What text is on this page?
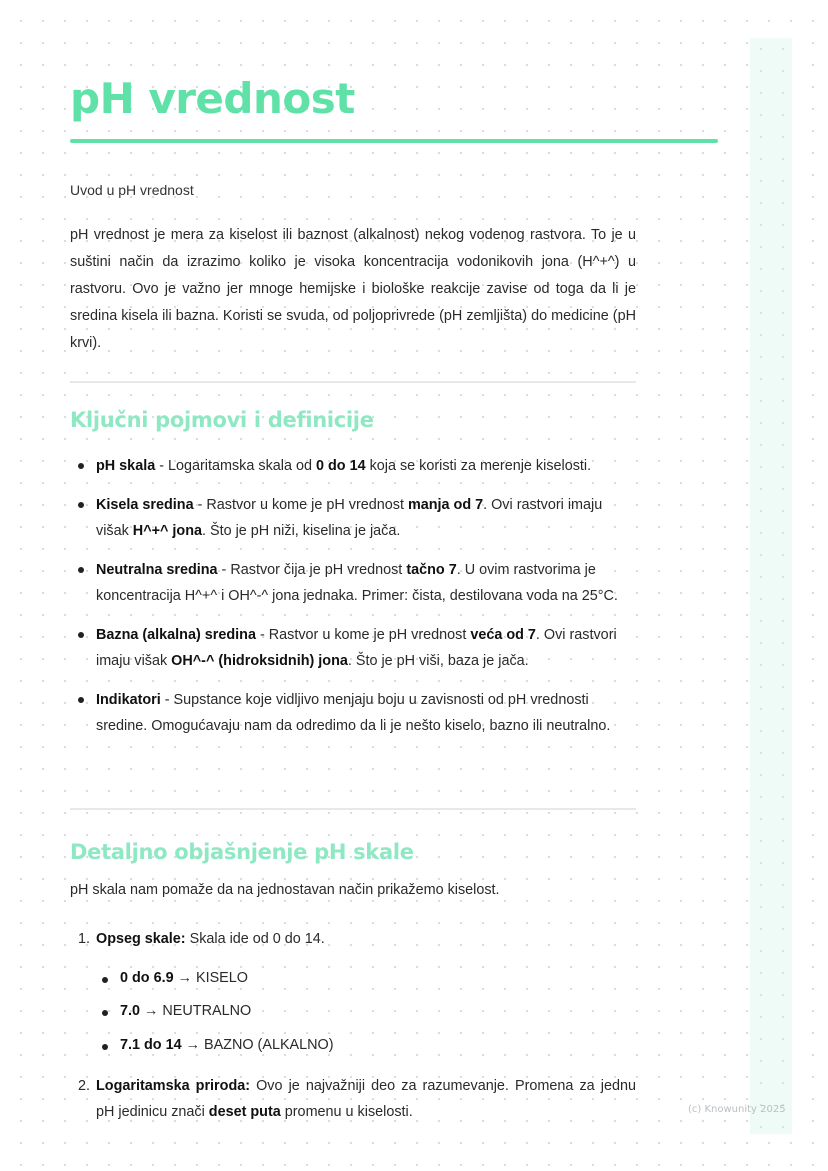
pH vrednost
Uvod u pH vrednost

pH vrednost je mera za kiselost ili baznost (alkalnost) nekog vodenog rastvora. To je u suštini način da izrazimo koliko je visoka koncentracija vodonikovih jona (H^+^) u rastvoru. Ovo je važno jer mnoge hemijske i biološke reakcije zavise od toga da li je sredina kisela ili bazna. Koristi se svuda, od poljoprivrede (pH zemljišta) do medicine (pH krvi).

Ključni pojmovi i definicije
pH skala - Logaritamska skala od 0 do 14 koja se koristi za merenje kiselosti.
Kisela sredina - Rastvor u kome je pH vrednost manja od 7. Ovi rastvori imaju višak H^+^ jona. Što je pH niži, kiselina je jača.
Neutralna sredina - Rastvor čija je pH vrednost tačno 7. U ovim rastvorima je koncentracija H^+^ i OH^-^ jona jednaka. Primer: čista, destilovana voda na 25°C.
Bazna (alkalna) sredina - Rastvor u kome je pH vrednost veća od 7. Ovi rastvori imaju višak OH^-^ (hidroksidnih) jona. Što je pH viši, baza je jača.
Indikatori - Supstance koje vidljivo menjaju boju u zavisnosti od pH vrednosti sredine. Omogućavaju nam da odredimo da li je nešto kiselo, bazno ili neutralno.
Detaljno objašnjenje pH skale
pH skala nam pomaže da na jednostavan način prikažemo kiselost.
1. Opseg skale: Skala ide od 0 do 14.
0 do 6.9 → KISELO
7.0 → NEUTRALNO
7.1 do 14 → BAZNO (ALKALNO)
2. Logaritamska priroda: Ovo je najvažniji deo za razumevanje. Promena za jednu pH jedinicu znači deset puta promenu u kiselosti.	(c) Knowunity 2025
